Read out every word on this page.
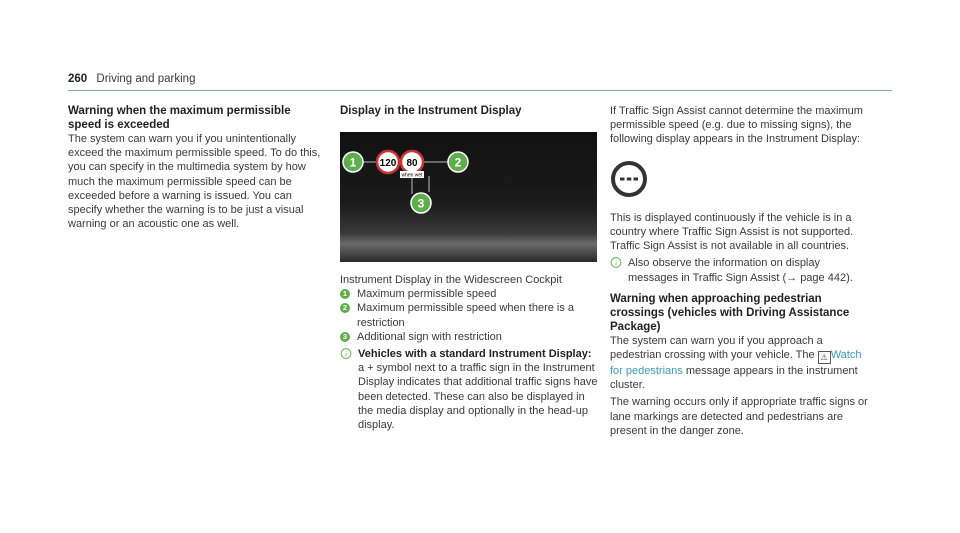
260 Driving and parking
Warning when the maximum permissible speed is exceeded

The system can warn you if you unintentionally exceed the maximum permissible speed. To do this, you can specify in the multimedia system by how much the maximum permissible speed can be exceeded before a warning is issued. You can specify whether the warning is to be just a visual warning or an acoustic one as well.

Display in the Instrument Display
1 120 80
when wet
2
3

Instrument Display in the Widescreen Cockpit

1 Maximum permissible speed
2 Maximum permissible speed when there is a restriction
3 Additional sign with restriction
i Vehicles with a standard Instrument Display: a + symbol next to a traffic sign in the Instrument Display indicates that additional traffic signs have been detected. These can also be displayed in the media display and optionally in the head-up display.

If Traffic Sign Assist cannot determine the maximum permissible speed (e.g. due to missing signs), the following display appears in the Instrument Display:

This is displayed continuously if the vehicle is in a country where Traffic Sign Assist is not supported. Traffic Sign Assist is not available in all countries.

i Also observe the information on display messages in Traffic Sign Assist (→ page 442).
Warning when approaching pedestrian crossings (vehicles with Driving Assistance Package)

The system can warn you if you approach a pedestrian crossing with your vehicle. The ⚠ Watch for pedestrians message appears in the instrument cluster.

The warning occurs only if appropriate traffic signs or lane markings are detected and pedestrians are present in the danger zone.
